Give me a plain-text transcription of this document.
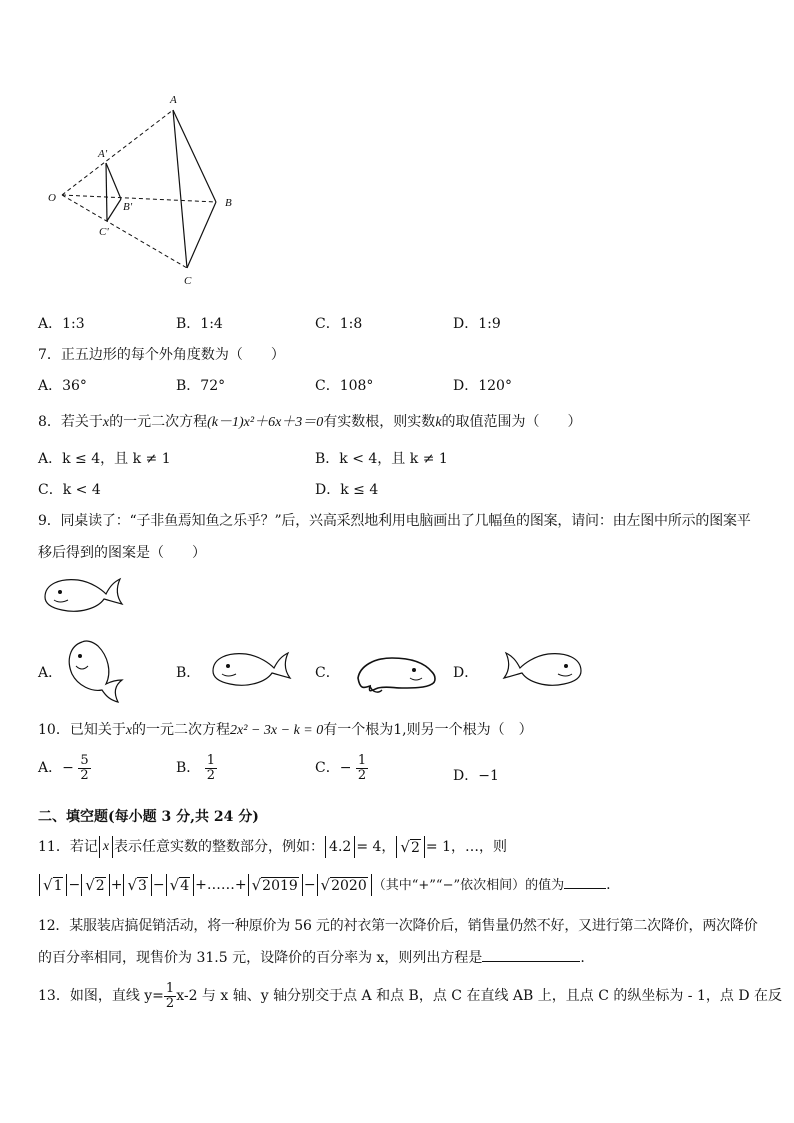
A
B
C
O
A'
B'
C'
A．1:3	B．1:4	C．1:8	D．1:9
7．正五边形的每个外角度数为（　　）
A．36°	B．72°	C．108°	D．120°
8．若关于x的一元二次方程(k－1)x²＋6x＋3＝0有实数根，则实数k的取值范围为（　　）
A．k ≤ 4，且 k ≠ 1	B．k < 4，且 k ≠ 1
C．k < 4	D．k ≤ 4
9．同桌读了：“子非鱼焉知鱼之乐乎？”后，兴高采烈地利用电脑画出了几幅鱼的图案，请问：由左图中所示的图案平
移后得到的图案是（　　）
A．	B．	C．	D．
10．已知关于x的一元二次方程2x² − 3x − k = 0有一个根为1,则另一个根为（　）
A．− $\frac{5}{2}$	B． $\frac{1}{2}$	C．− $\frac{1}{2}$	D．−1
二、填空题(每小题 3 分,共 24 分)
11．若记 x 表示任意实数的整数部分，例如： 4.2 = 4， √2 = 1，…，则
√1 − √2 + √3 − √4 +……+ √2019 − √2020 （其中“+”“−”依次相间）的值为	.
12．某服装店搞促销活动，将一种原价为 56 元的衬衣第一次降价后，销售量仍然不好，又进行第二次降价，两次降价
的百分率相同，现售价为 31.5 元，设降价的百分率为 x，则列出方程是	.
13．如图，直线 $y= \frac{1}{2} x-2$ 与 x 轴、y 轴分别交于点 A 和点 B，点 C 在直线 AB 上，且点 C 的纵坐标为 - 1，点 D 在反
